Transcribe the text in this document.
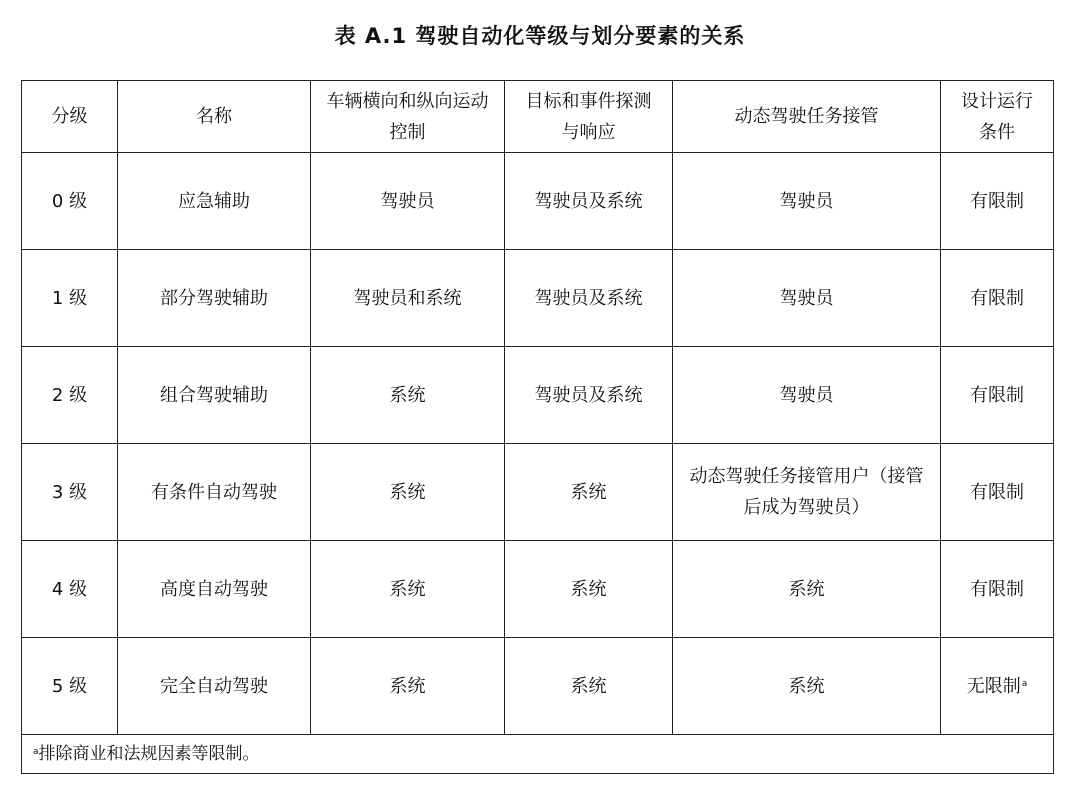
表 A.1 驾驶自动化等级与划分要素的关系
分级	名称	车辆横向和纵向运动控制	目标和事件探测与响应	动态驾驶任务接管	设计运行条件
0 级	应急辅助	驾驶员	驾驶员及系统	驾驶员	有限制
1 级	部分驾驶辅助	驾驶员和系统	驾驶员及系统	驾驶员	有限制
2 级	组合驾驶辅助	系统	驾驶员及系统	驾驶员	有限制
3 级	有条件自动驾驶	系统	系统	动态驾驶任务接管用户（接管后成为驾驶员）	有限制
4 级	高度自动驾驶	系统	系统	系统	有限制
5 级	完全自动驾驶	系统	系统	系统	无限制$^a$
$^a$排除商业和法规因素等限制。					
